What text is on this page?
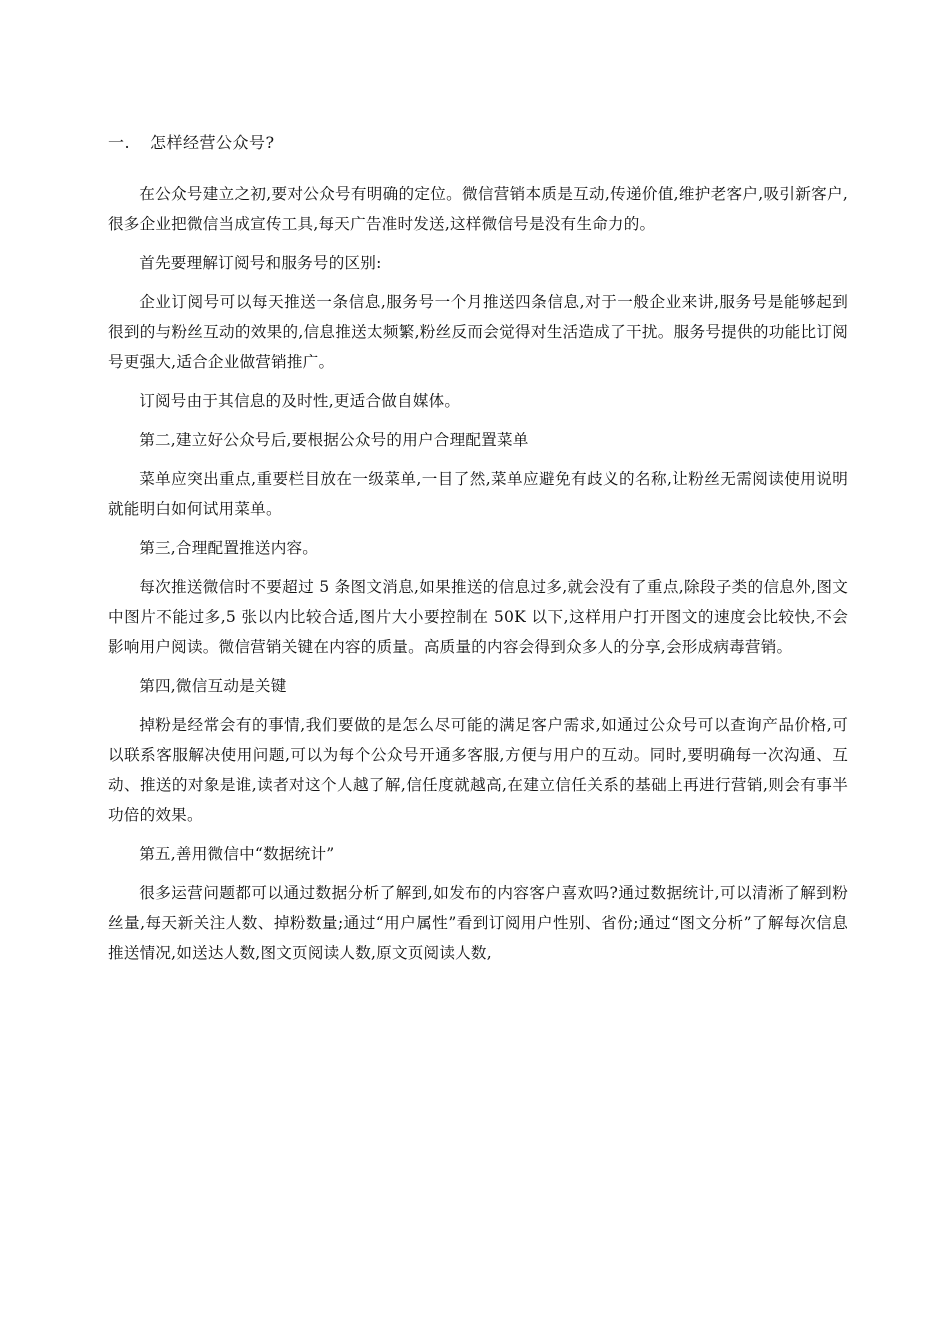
一. 怎样经营公众号?

在公众号建立之初,要对公众号有明确的定位。微信营销本质是互动,传递价值,维护老客户,吸引新客户,很多企业把微信当成宣传工具,每天广告准时发送,这样微信号是没有生命力的。

首先要理解订阅号和服务号的区别:

企业订阅号可以每天推送一条信息,服务号一个月推送四条信息,对于一般企业来讲,服务号是能够起到很到的与粉丝互动的效果的,信息推送太频繁,粉丝反而会觉得对生活造成了干扰。服务号提供的功能比订阅号更强大,适合企业做营销推广。

订阅号由于其信息的及时性,更适合做自媒体。

第二,建立好公众号后,要根据公众号的用户合理配置菜单

菜单应突出重点,重要栏目放在一级菜单,一目了然,菜单应避免有歧义的名称,让粉丝无需阅读使用说明就能明白如何试用菜单。

第三,合理配置推送内容。

每次推送微信时不要超过 5 条图文消息,如果推送的信息过多,就会没有了重点,除段子类的信息外,图文中图片不能过多,5 张以内比较合适,图片大小要控制在 50K 以下,这样用户打开图文的速度会比较快,不会影响用户阅读。微信营销关键在内容的质量。高质量的内容会得到众多人的分享,会形成病毒营销。

第四,微信互动是关键

掉粉是经常会有的事情,我们要做的是怎么尽可能的满足客户需求,如通过公众号可以查询产品价格,可以联系客服解决使用问题,可以为每个公众号开通多客服,方便与用户的互动。同时,要明确每一次沟通、互动、推送的对象是谁,读者对这个人越了解,信任度就越高,在建立信任关系的基础上再进行营销,则会有事半功倍的效果。

第五,善用微信中“数据统计”

很多运营问题都可以通过数据分析了解到,如发布的内容客户喜欢吗?通过数据统计,可以清淅了解到粉丝量,每天新关注人数、掉粉数量;通过“用户属性”看到订阅用户性别、省份;通过“图文分析”了解每次信息推送情况,如送达人数,图文页阅读人数,原文页阅读人数,
